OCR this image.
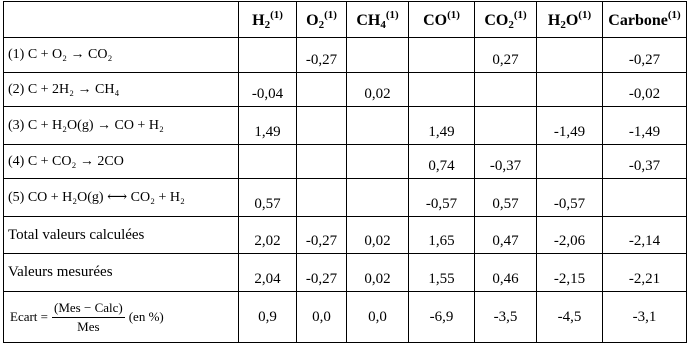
	$H_2^{(1)}$	$O_2^{(1)}$	$CH_4^{(1)}$	CO$^{(1)}$	$CO_2^{(1)}$	$H_2O^{(1)}$	Carbone$^{(1)}$
(1) C + O₂ → CO₂		-0,27			0,27		-0,27
(2) C + 2H₂ → CH₄	-0,04		0,02				-0,02
(3) C + H₂O(g) → CO + H₂	1,49			1,49		-1,49	-1,49
(4) C + CO₂ → 2CO				0,74	-0,37		-0,37
(5) CO + H₂O(g) ⟷ CO₂ + H₂	0,57			-0,57	0,57	-0,57	
Total valeurs calculées	2,02	-0,27	0,02	1,65	0,47	-2,06	-2,14
Valeurs mesurées	2,04	-0,27	0,02	1,55	0,46	-2,15	-2,21

Ecart = $\frac{\text{(Mes − Calc)}}{\text{Mes}} (en$ %)	0,9	0,0	0,0	-6,9	-3,5	-4,5	-3,1
